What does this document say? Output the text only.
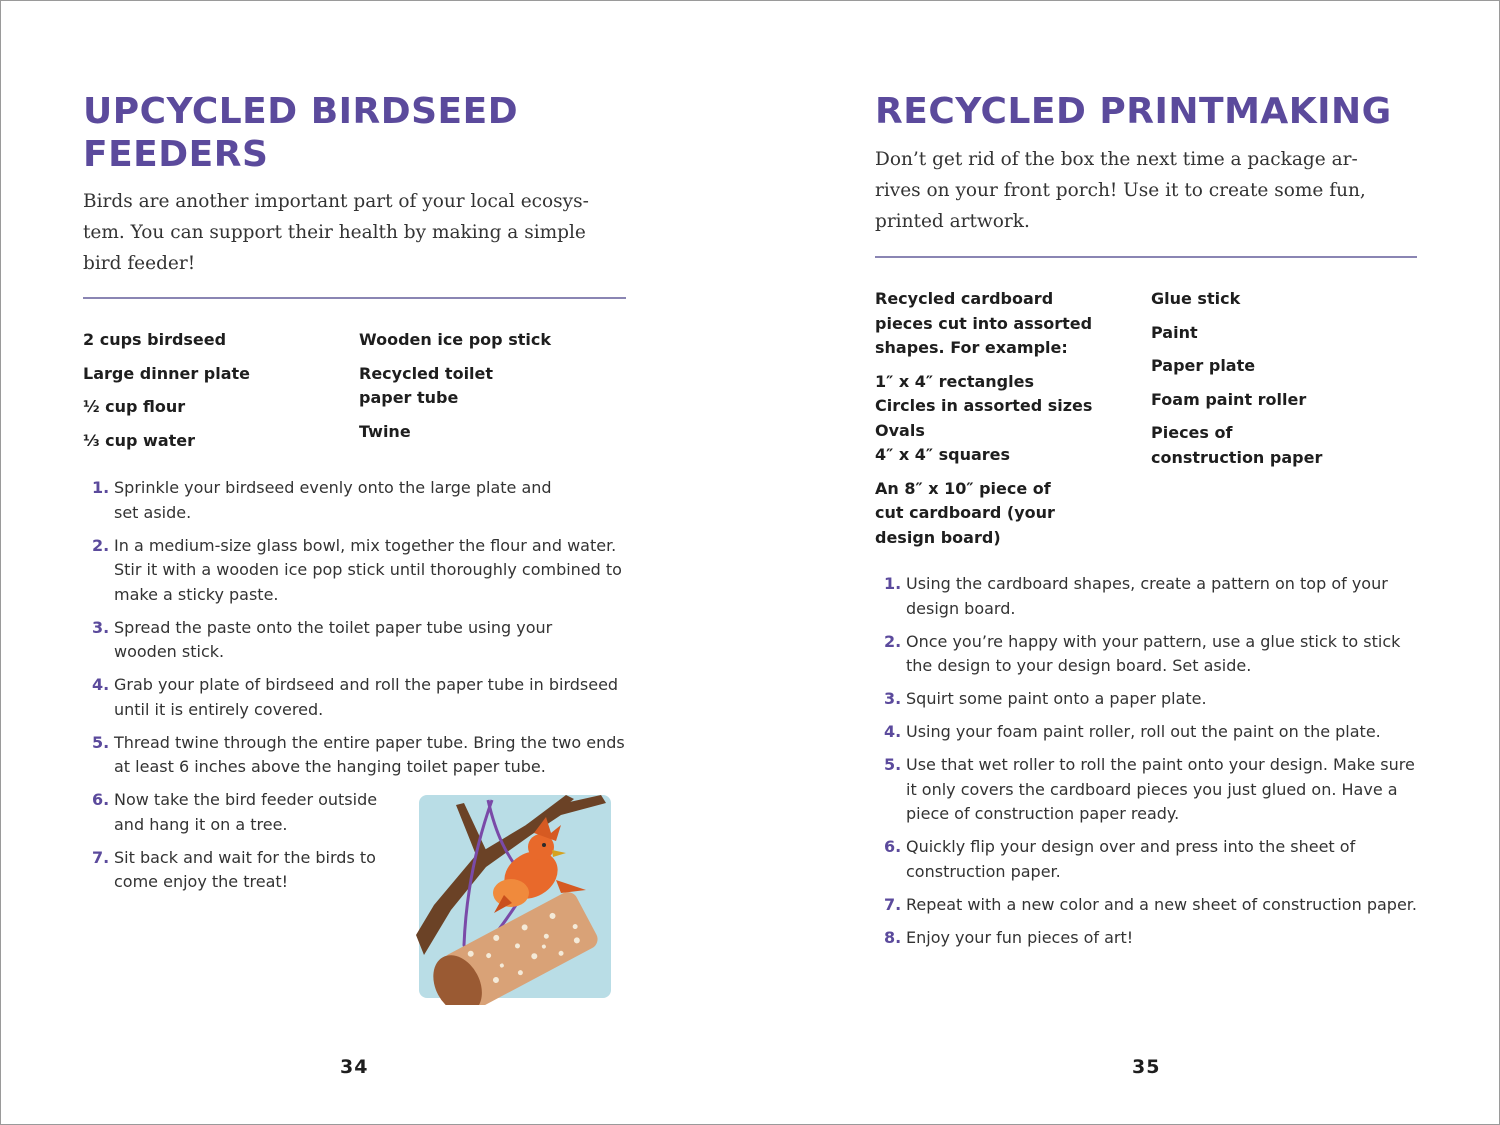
UPCYCLED BIRDSEED
FEEDERS

Birds are another important part of your local ecosys-
tem. You can support their health by making a simple
bird feeder!

2 cups birdseed
Large dinner plate
½ cup flour
⅓ cup water
Wooden ice pop stick
Recycled toilet
paper tube
Twine
1. Sprinkle your birdseed evenly onto the large plate and
set aside.
2. In a medium-size glass bowl, mix together the flour and water.
Stir it with a wooden ice pop stick until thoroughly combined to
make a sticky paste.
3. Spread the paste onto the toilet paper tube using your
wooden stick.
4. Grab your plate of birdseed and roll the paper tube in birdseed
until it is entirely covered.
5. Thread twine through the entire paper tube. Bring the two ends
at least 6 inches above the hanging toilet paper tube.
6. Now take the bird feeder outside
and hang it on a tree.
7. Sit back and wait for the birds to
come enjoy the treat!
34
RECYCLED PRINTMAKING

Don’t get rid of the box the next time a package ar-
rives on your front porch! Use it to create some fun,
printed artwork.

Recycled cardboard
pieces cut into assorted
shapes. For example:
1″ x 4″ rectangles
Circles in assorted sizes
Ovals
4″ x 4″ squares
An 8″ x 10″ piece of
cut cardboard (your
design board)
Glue stick
Paint
Paper plate
Foam paint roller
Pieces of
construction paper
1. Using the cardboard shapes, create a pattern on top of your
design board.
2. Once you’re happy with your pattern, use a glue stick to stick
the design to your design board. Set aside.
3. Squirt some paint onto a paper plate.
4. Using your foam paint roller, roll out the paint on the plate.
5. Use that wet roller to roll the paint onto your design. Make sure
it only covers the cardboard pieces you just glued on. Have a
piece of construction paper ready.
6. Quickly flip your design over and press into the sheet of
construction paper.
7. Repeat with a new color and a new sheet of construction paper.
8. Enjoy your fun pieces of art!
35
